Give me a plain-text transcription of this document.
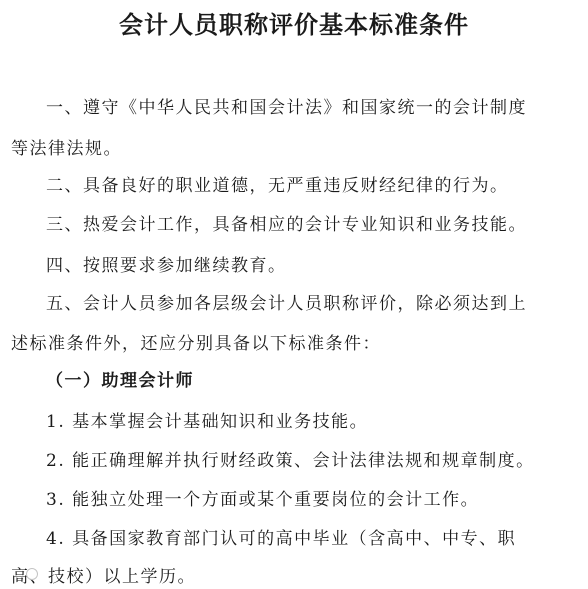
会计人员职称评价基本标准条件
一、遵守《中华人民共和国会计法》和国家统一的会计制度
等法律法规。
二、具备良好的职业道德，无严重违反财经纪律的行为。
三、热爱会计工作，具备相应的会计专业知识和业务技能。
四、按照要求参加继续教育。
五、会计人员参加各层级会计人员职称评价，除必须达到上
述标准条件外，还应分别具备以下标准条件：
（一）助理会计师
1. 基本掌握会计基础知识和业务技能。
2. 能正确理解并执行财经政策、会计法律法规和规章制度。
3. 能独立处理一个方面或某个重要岗位的会计工作。
4. 具备国家教育部门认可的高中毕业（含高中、中专、职
高、技校）以上学历。
